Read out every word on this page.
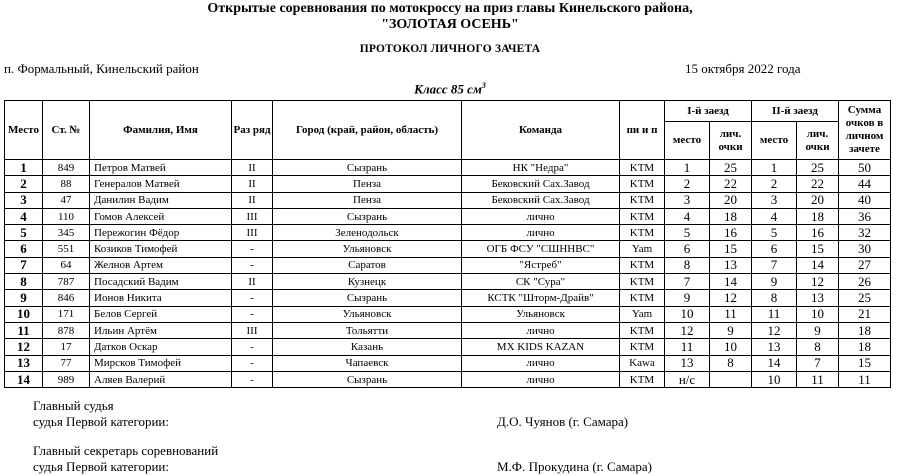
Открытые соревнования по мотокроссу на приз главы Кинельского района,
"ЗОЛОТАЯ ОСЕНЬ"
ПРОТОКОЛ ЛИЧНОГО ЗАЧЕТА
п. Формальный, Кинельский район	15 октября 2022 года
Класс 85 $см^3$
Место	Ст. №	Фамилия, Имя	Раз ряд	Город (край, район, область)	Команда	пи и п	I-й заезд		II-й заезд		Сумма очков в личном зачете
							место	лич. очки	место	лич. очки	
1	849	Петров Матвей	II	Сызрань	НК "Недра"	KTM	1	25	1	25	50
2	88	Генералов Матвей	II	Пенза	Бековский Сах.Завод	KTM	2	22	2	22	44
3	47	Данилин Вадим	II	Пенза	Бековский Сах.Завод	KTM	3	20	3	20	40
4	110	Гомов Алексей	III	Сызрань	лично	KTM	4	18	4	18	36
5	345	Пережогин Фёдор	III	Зеленодольск	лично	KTM	5	16	5	16	32
6	551	Козиков Тимофей	-	Ульяновск	ОГБ ФСУ "СШННВС"	Yam	6	15	6	15	30
7	64	Желнов Артем	-	Саратов	"Ястреб"	KTM	8	13	7	14	27
8	787	Посадский Вадим	II	Кузнецк	СК "Сура"	KTM	7	14	9	12	26
9	846	Ионов Никита	-	Сызрань	КСТК "Шторм-Драйв"	KTM	9	12	8	13	25
10	171	Белов Сергей	-	Ульяновск	Ульяновск	Yam	10	11	11	10	21
11	878	Ильин Артём	III	Тольятти	лично	KTM	12	9	12	9	18
12	17	Датков Оскар	-	Казань	MX KIDS KAZAN	KTM	11	10	13	8	18
13	77	Мирсков Тимофей	-	Чапаевск	лично	Kawa	13	8	14	7	15
14	989	Аляев Валерий	-	Сызрань	лично	KTM	н/с		10	11	11
Главный судья
судья Первой категории:	Д.О. Чуянов (г. Самара)
Главный секретарь соревнований
судья Первой категории:	М.Ф. Прокудина (г. Самара)
